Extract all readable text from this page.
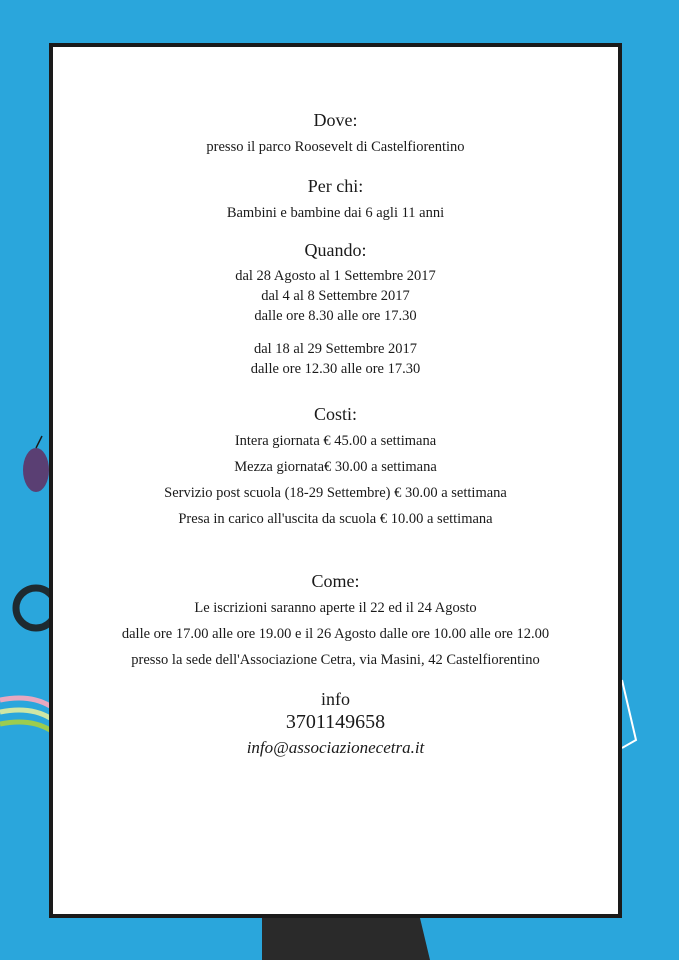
Dove:
presso il parco Roosevelt di Castelfiorentino
Per chi:
Bambini e bambine dai 6 agli 11 anni
Quando:
dal 28 Agosto al 1 Settembre 2017
dal 4 al 8 Settembre 2017
dalle ore 8.30 alle ore 17.30
dal 18 al 29 Settembre 2017
dalle ore 12.30 alle ore 17.30
Costi:
Intera giornata € 45.00 a settimana
Mezza giornata€ 30.00 a settimana
Servizio post scuola (18-29 Settembre) € 30.00 a settimana
Presa in carico all'uscita da scuola € 10.00 a settimana
Come:
Le iscrizioni saranno aperte il 22 ed il 24 Agosto
dalle ore 17.00 alle ore 19.00 e il 26 Agosto dalle ore 10.00 alle ore 12.00
presso la sede dell'Associazione Cetra, via Masini, 42 Castelfiorentino
info
3701149658
info@associazionecetra.it
